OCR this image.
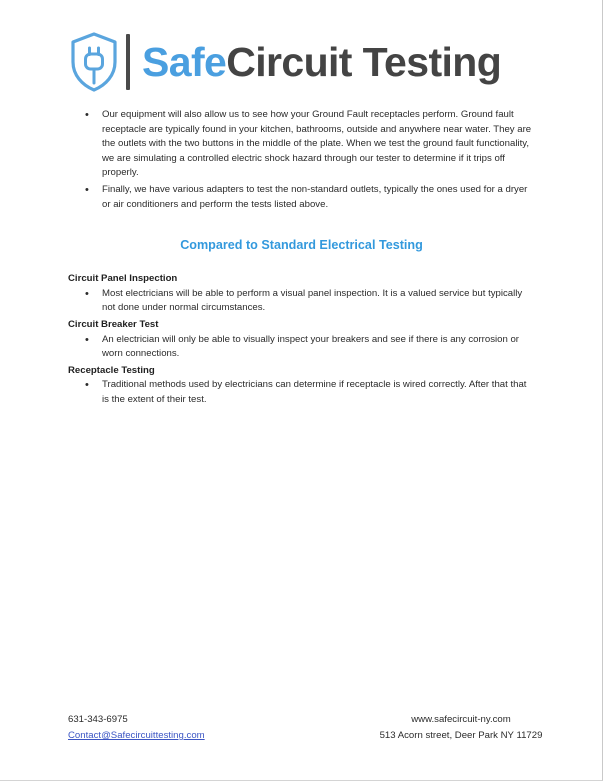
SafeCircuit Testing
• Our equipment will also allow us to see how your Ground Fault receptacles perform. Ground fault receptacle are typically found in your kitchen, bathrooms, outside and anywhere near water. They are the outlets with the two buttons in the middle of the plate. When we test the ground fault functionality, we are simulating a controlled electric shock hazard through our tester to determine if it trips off properly.
• Finally, we have various adapters to test the non-standard outlets, typically the ones used for a dryer or air conditioners and perform the tests listed above.
Compared to Standard Electrical Testing
Circuit Panel Inspection
• Most electricians will be able to perform a visual panel inspection. It is a valued service but typically not done under normal circumstances.
Circuit Breaker Test
• An electrician will only be able to visually inspect your breakers and see if there is any corrosion or worn connections.
Receptacle Testing
• Traditional methods used by electricians can determine if receptacle is wired correctly. After that that is the extent of their test.
631-343-6975
Contact@Safecircuittesting.com
www.safecircuit-ny.com
513 Acorn street, Deer Park NY 11729
